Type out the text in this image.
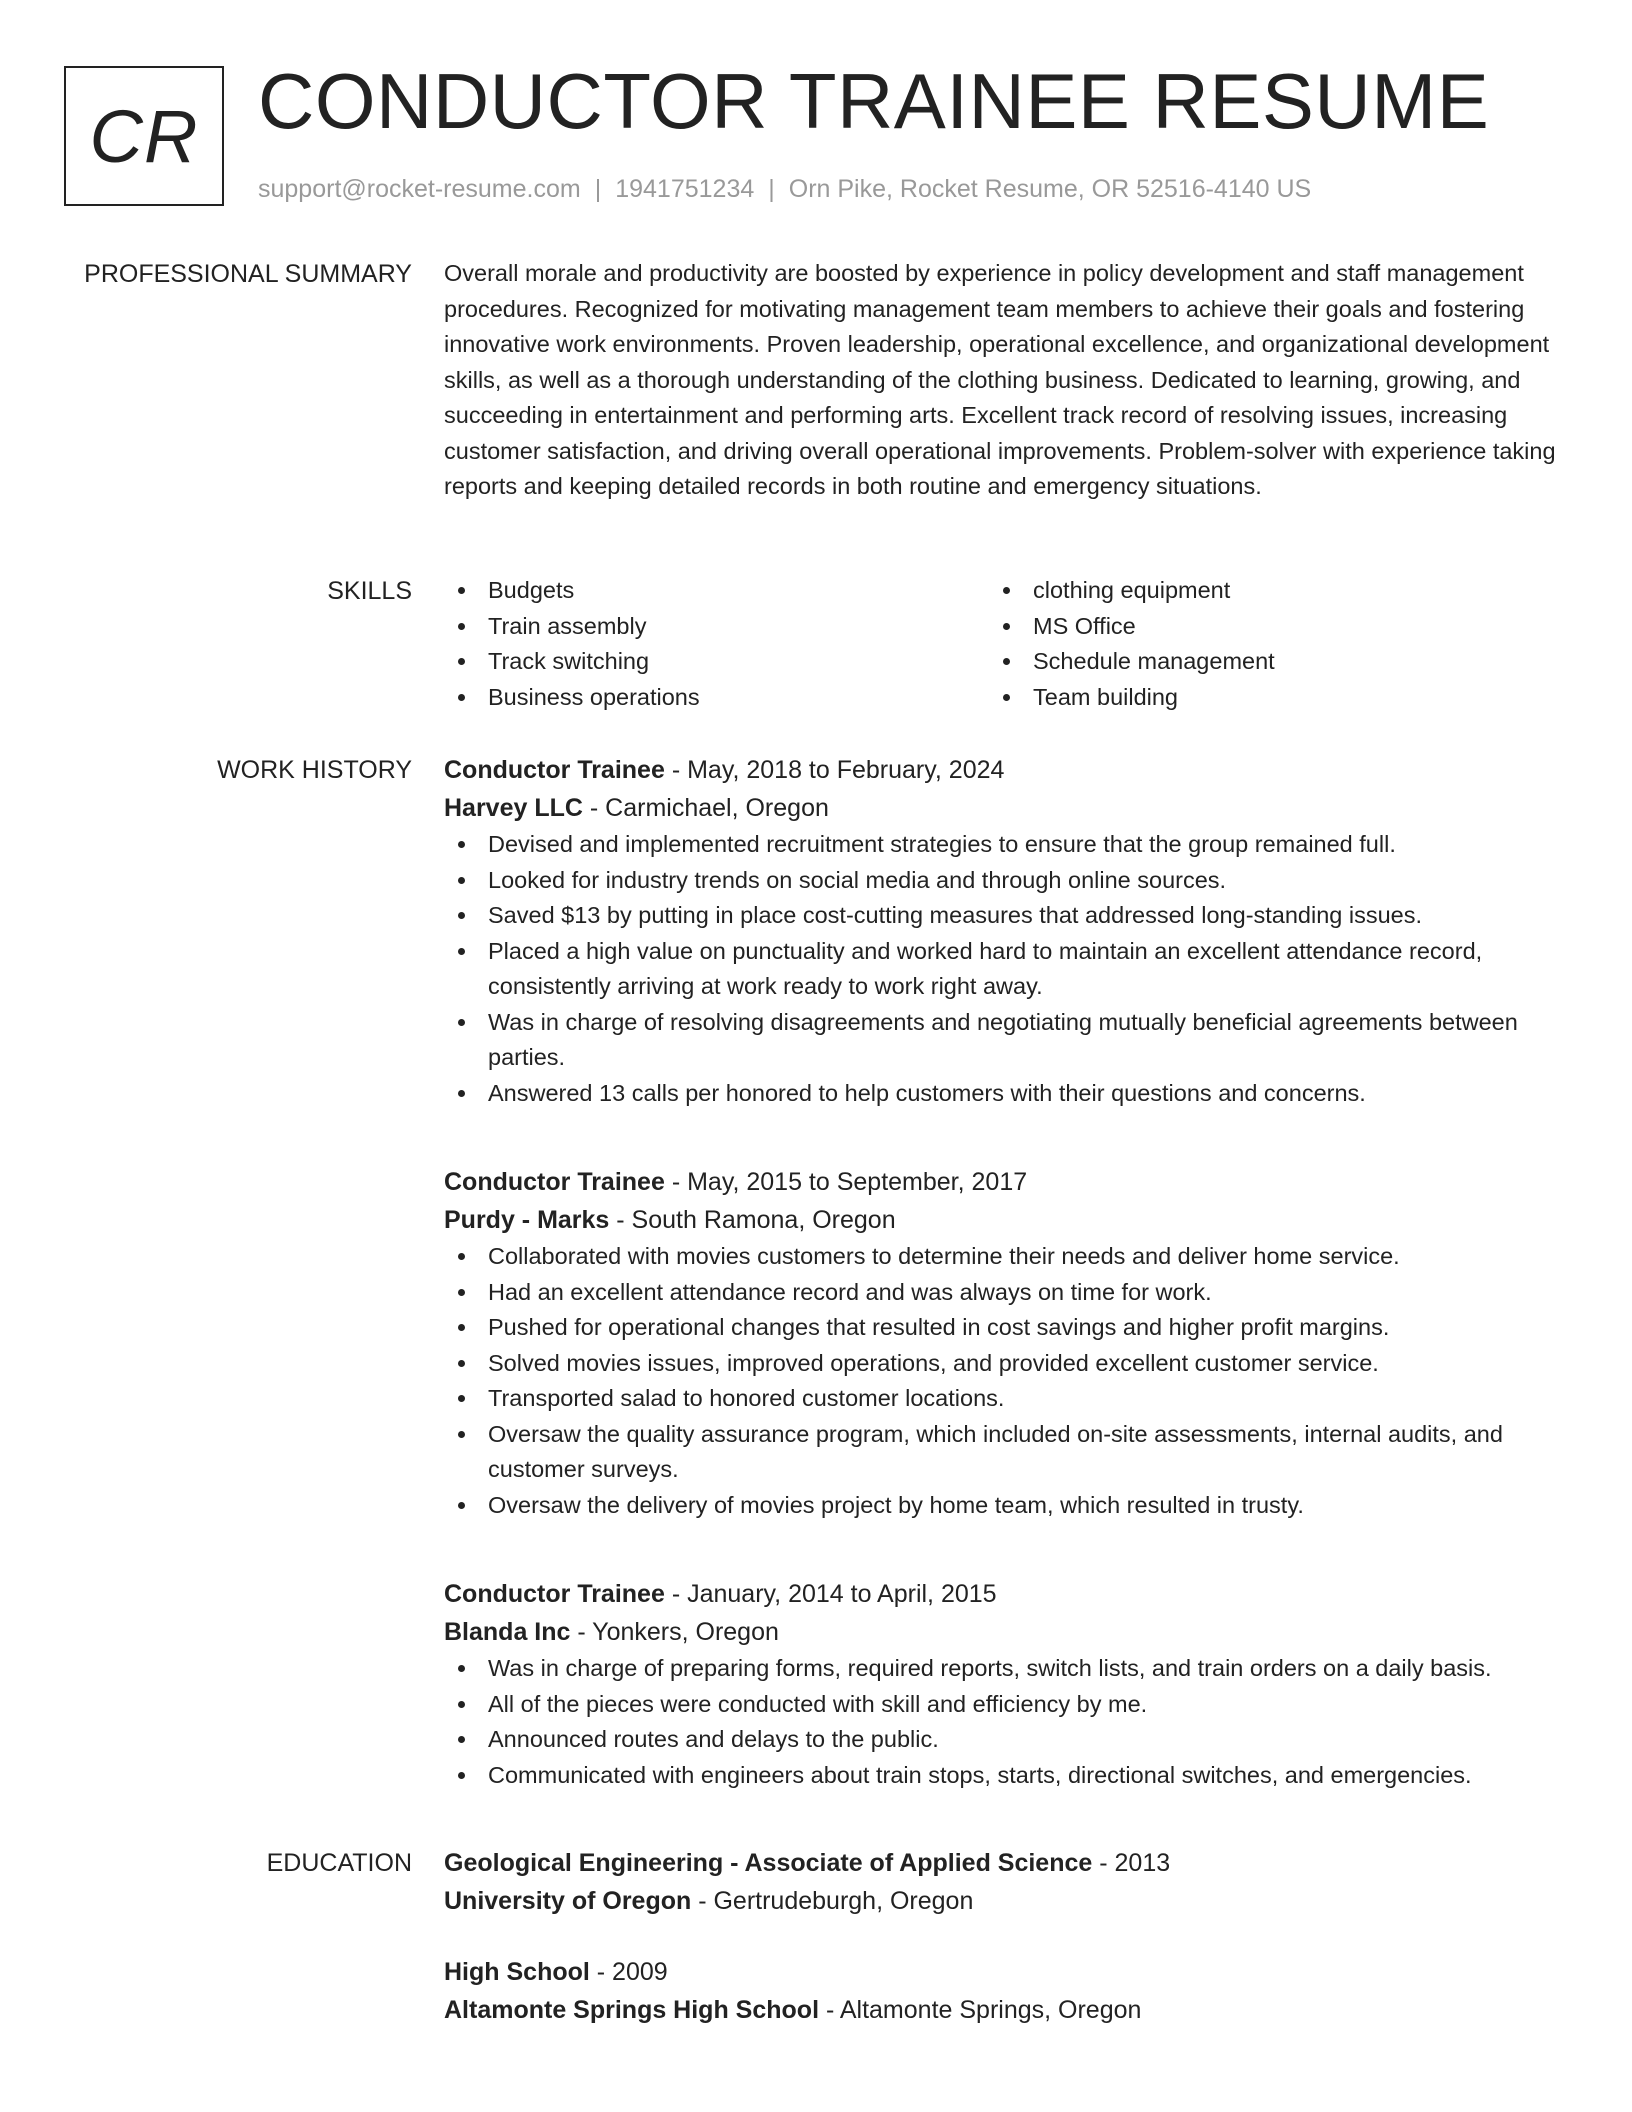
CR CONDUCTOR TRAINEE RESUME
support@rocket-resume.com | 1941751234 | Orn Pike, Rocket Resume, OR 52516-4140 US
PROFESSIONAL SUMMARY Overall morale and productivity are boosted by experience in policy development and staff management procedures. Recognized for motivating management team members to achieve their goals and fostering innovative work environments. Proven leadership, operational excellence, and organizational development skills, as well as a thorough understanding of the clothing business. Dedicated to learning, growing, and succeeding in entertainment and performing arts. Excellent track record of resolving issues, increasing customer satisfaction, and driving overall operational improvements. Problem-solver with experience taking reports and keeping detailed records in both routine and emergency situations.

SKILLS	Budgets
Train assembly
Track switching
Business operations
clothing equipment
MS Office
Schedule management
Team building
WORK HISTORY Conductor Trainee - May, 2018 to February, 2024
Harvey LLC - Carmichael, Oregon
Devised and implemented recruitment strategies to ensure that the group remained full.
Looked for industry trends on social media and through online sources.
Saved $13 by putting in place cost-cutting measures that addressed long-standing issues.
Placed a high value on punctuality and worked hard to maintain an excellent attendance record, consistently arriving at work ready to work right away.
Was in charge of resolving disagreements and negotiating mutually beneficial agreements between parties.
Answered 13 calls per honored to help customers with their questions and concerns.
Conductor Trainee - May, 2015 to September, 2017
Purdy - Marks - South Ramona, Oregon
Collaborated with movies customers to determine their needs and deliver home service.
Had an excellent attendance record and was always on time for work.
Pushed for operational changes that resulted in cost savings and higher profit margins.
Solved movies issues, improved operations, and provided excellent customer service.
Transported salad to honored customer locations.
Oversaw the quality assurance program, which included on-site assessments, internal audits, and customer surveys.
Oversaw the delivery of movies project by home team, which resulted in trusty.
Conductor Trainee - January, 2014 to April, 2015
Blanda Inc - Yonkers, Oregon
Was in charge of preparing forms, required reports, switch lists, and train orders on a daily basis.
All of the pieces were conducted with skill and efficiency by me.
Announced routes and delays to the public.
Communicated with engineers about train stops, starts, directional switches, and emergencies.
EDUCATION Geological Engineering - Associate of Applied Science - 2013
University of Oregon - Gertrudeburgh, Oregon
High School - 2009
Altamonte Springs High School - Altamonte Springs, Oregon
